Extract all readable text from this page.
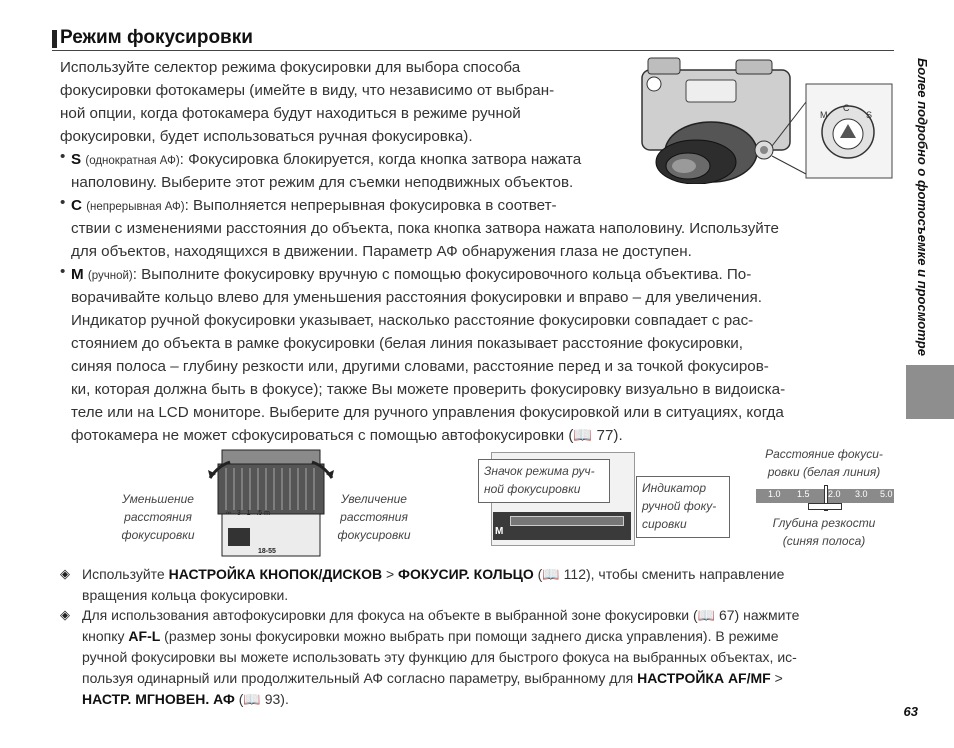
Режим фокусировки
Более подробно о фотосъемке и просмотре
Используйте селектор режима фокусировки для выбора способа
фокусировки фотокамеры (имейте в виду, что независимо от выбран-
ной опции, когда фотокамера будут находиться в режиме ручной
фокусировки, будет использоваться ручная фокусировка).
• S (однократная АФ): Фокусировка блокируется, когда кнопка затвора нажата
наполовину. Выберите этот режим для съемки неподвижных объектов.
• C (непрерывная АФ): Выполняется непрерывная фокусировка в соответ-
ствии с изменениями расстояния до объекта, пока кнопка затвора нажата наполовину. Используйте
для объектов, находящихся в движении. Параметр АФ обнаружения глаза не доступен.
• M (ручной): Выполните фокусировку вручную с помощью фокусировочного кольца объектива. По-
ворачивайте кольцо влево для уменьшения расстояния фокусировки и вправо – для увеличения.
Индикатор ручной фокусировки указывает, насколько расстояние фокусировки совпадает с рас-
стоянием до объекта в рамке фокусировки (белая линия показывает расстояние фокусировки,
синяя полоса – глубину резкости или, другими словами, расстояние перед и за точкой фокусиров-
ки, которая должна быть в фокусе); также Вы можете проверить фокусировку визуально в видоиска-
теле или на LCD мониторе. Выберите для ручного управления фокусировкой или в ситуациях, когда
фотокамера не может сфокусироваться с помощью автофокусировки (📖 77).
M
C
S
Уменьшение
расстояния
фокусировки
Увеличение
расстояния
фокусировки
∞ 3 1 .5 m
18-55
M
Значок режима руч-
ной фокусировки	Индикатор
ручной фоку-
сировки
Расстояние фокуси-
ровки (белая линия)
1.0 1.5 2.0 3.0 5.0
Глубина резкости
(синяя полоса)
◈ Используйте НАСТРОЙКА КНОПОК/ДИСКОВ > ФОКУСИР. КОЛЬЦО (📖 112), чтобы сменить направление
вращения кольца фокусировки.
◈ Для использования автофокусировки для фокуса на объекте в выбранной зоне фокусировки (📖 67) нажмите
кнопку AF-L (размер зоны фокусировки можно выбрать при помощи заднего диска управления). В режиме
ручной фокусировки вы можете использовать эту функцию для быстрого фокуса на выбранных объектах, ис-
пользуя одинарный или продолжительный АФ согласно параметру, выбранному для НАСТРОЙКА AF/MF >
НАСТР. МГНОВЕН. АФ (📖 93).
63
